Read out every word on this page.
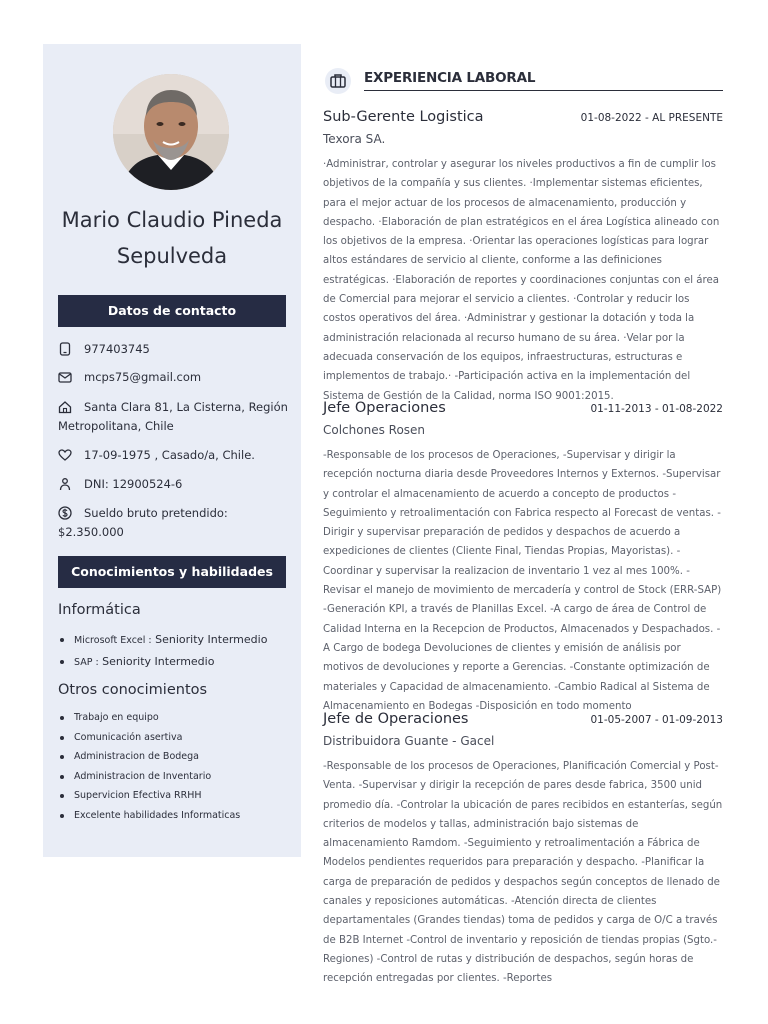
Mario Claudio Pineda Sepulveda
Datos de contacto
977403745
mcps75@gmail.com
Santa Clara 81, La Cisterna, Región Metropolitana, Chile
17-09-1975 , Casado/a, Chile.
DNI: 12900524-6
Sueldo bruto pretendido: $2.350.000
Conocimientos y habilidades
Informática
Microsoft Excel : Seniority Intermedio
SAP : Seniority Intermedio
Otros conocimientos
Trabajo en equipo
Comunicación asertiva
Administracion de Bodega
Administracion de Inventario
Supervicion Efectiva RRHH
Excelente habilidades Informaticas
EXPERIENCIA LABORAL
Sub-Gerente Logistica	01-08-2022 - AL PRESENTE
Texora SA.
·Administrar, controlar y asegurar los niveles productivos a fin de cumplir los objetivos de la compañía y sus clientes. ·Implementar sistemas eficientes, para el mejor actuar de los procesos de almacenamiento, producción y despacho. ·Elaboración de plan estratégicos en el área Logística alineado con los objetivos de la empresa. ·Orientar las operaciones logísticas para lograr altos estándares de servicio al cliente, conforme a las definiciones estratégicas. ·Elaboración de reportes y coordinaciones conjuntas con el área de Comercial para mejorar el servicio a clientes. ·Controlar y reducir los costos operativos del área. ·Administrar y gestionar la dotación y toda la administración relacionada al recurso humano de su área. ·Velar por la adecuada conservación de los equipos, infraestructuras, estructuras e implementos de trabajo.· -Participación activa en la implementación del Sistema de Gestión de la Calidad, norma ISO 9001:2015.
Jefe Operaciones	01-11-2013 - 01-08-2022
Colchones Rosen
-Responsable de los procesos de Operaciones, -Supervisar y dirigir la recepción nocturna diaria desde Proveedores Internos y Externos. -Supervisar y controlar el almacenamiento de acuerdo a concepto de productos -Seguimiento y retroalimentación con Fabrica respecto al Forecast de ventas. -Dirigir y supervisar preparación de pedidos y despachos de acuerdo a expediciones de clientes (Cliente Final, Tiendas Propias, Mayoristas). -Coordinar y supervisar la realizacion de inventario 1 vez al mes 100%. -Revisar el manejo de movimiento de mercadería y control de Stock (ERR-SAP) -Generación KPI, a través de Planillas Excel. -A cargo de área de Control de Calidad Interna en la Recepcion de Productos, Almacenados y Despachados. -A Cargo de bodega Devoluciones de clientes y emisión de análisis por motivos de devoluciones y reporte a Gerencias. -Constante optimización de materiales y Capacidad de almacenamiento. -Cambio Radical al Sistema de Almacenamiento en Bodegas -Disposición en todo momento
Jefe de Operaciones	01-05-2007 - 01-09-2013
Distribuidora Guante - Gacel
-Responsable de los procesos de Operaciones, Planificación Comercial y Post-Venta. -Supervisar y dirigir la recepción de pares desde fabrica, 3500 unid promedio día. -Controlar la ubicación de pares recibidos en estanterías, según criterios de modelos y tallas, administración bajo sistemas de almacenamiento Ramdom. -Seguimiento y retroalimentación a Fábrica de Modelos pendientes requeridos para preparación y despacho. -Planificar la carga de preparación de pedidos y despachos según conceptos de llenado de canales y reposiciones automáticas. -Atención directa de clientes departamentales (Grandes tiendas) toma de pedidos y carga de O/C a través de B2B Internet -Control de inventario y reposición de tiendas propias (Sgto.-Regiones) -Control de rutas y distribución de despachos, según horas de recepción entregadas por clientes. -Reportes
